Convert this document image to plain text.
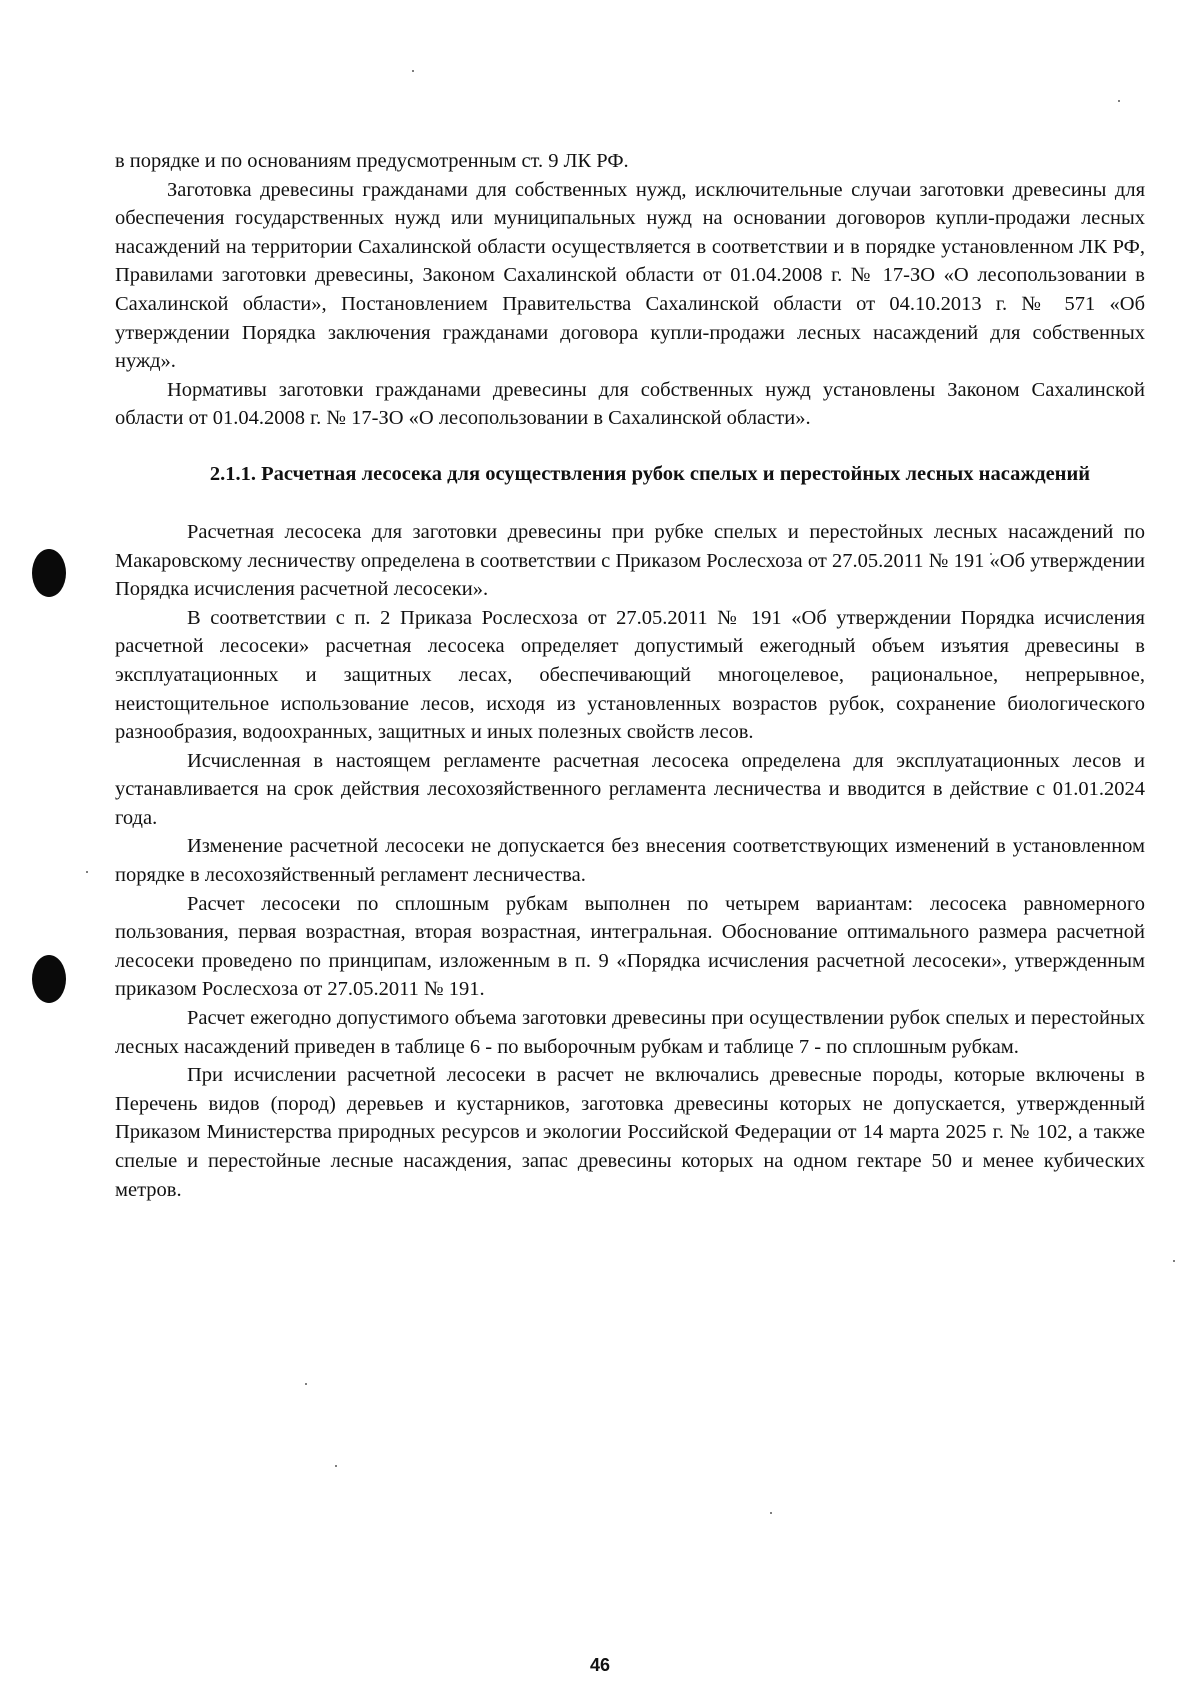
в порядке и по основаниям предусмотренным ст. 9 ЛК РФ.

Заготовка древесины гражданами для собственных нужд, исключительные случаи заготовки древесины для обеспечения государственных нужд или муниципальных нужд на основании договоров купли-продажи лесных насаждений на территории Сахалинской области осуществляется в соответствии и в порядке установленном ЛК РФ, Правилами заготовки древесины, Законом Сахалинской области от 01.04.2008 г. № 17-ЗО «О лесопользовании в Сахалинской области», Постановлением Правительства Сахалинской области от 04.10.2013 г. № 571 «Об утверждении Порядка заключения гражданами договора купли-продажи лесных насаждений для собственных нужд».

Нормативы заготовки гражданами древесины для собственных нужд установлены Законом Сахалинской области от 01.04.2008 г. № 17-ЗО «О лесопользовании в Сахалинской области».

2.1.1. Расчетная лесосека для осуществления рубок спелых и перестойных лесных насаждений

Расчетная лесосека для заготовки древесины при рубке спелых и перестойных лесных насаждений по Макаровскому лесничеству определена в соответствии с Приказом Рослесхоза от 27.05.2011 № 191 «Об утверждении Порядка исчисления расчетной лесосеки».

В соответствии с п. 2 Приказа Рослесхоза от 27.05.2011 № 191 «Об утверждении Порядка исчисления расчетной лесосеки» расчетная лесосека определяет допустимый ежегодный объем изъятия древесины в эксплуатационных и защитных лесах, обеспечивающий многоцелевое, рациональное, непрерывное, неистощительное использование лесов, исходя из установленных возрастов рубок, сохранение биологического разнообразия, водоохранных, защитных и иных полезных свойств лесов.

Исчисленная в настоящем регламенте расчетная лесосека определена для эксплуатационных лесов и устанавливается на срок действия лесохозяйственного регламента лесничества и вводится в действие с 01.01.2024 года.

Изменение расчетной лесосеки не допускается без внесения соответствующих изменений в установленном порядке в лесохозяйственный регламент лесничества.

Расчет лесосеки по сплошным рубкам выполнен по четырем вариантам: лесосека равномерного пользования, первая возрастная, вторая возрастная, интегральная. Обоснование оптимального размера расчетной лесосеки проведено по принципам, изложенным в п. 9 «Порядка исчисления расчетной лесосеки», утвержденным приказом Рослесхоза от 27.05.2011 № 191.

Расчет ежегодно допустимого объема заготовки древесины при осуществлении рубок спелых и перестойных лесных насаждений приведен в таблице 6 - по выборочным рубкам и таблице 7 - по сплошным рубкам.

При исчислении расчетной лесосеки в расчет не включались древесные породы, которые включены в Перечень видов (пород) деревьев и кустарников, заготовка древесины которых не допускается, утвержденный Приказом Министерства природных ресурсов и экологии Российской Федерации от 14 марта 2025 г. № 102, а также спелые и перестойные лесные насаждения, запас древесины которых на одном гектаре 50 и менее кубических метров.

46
